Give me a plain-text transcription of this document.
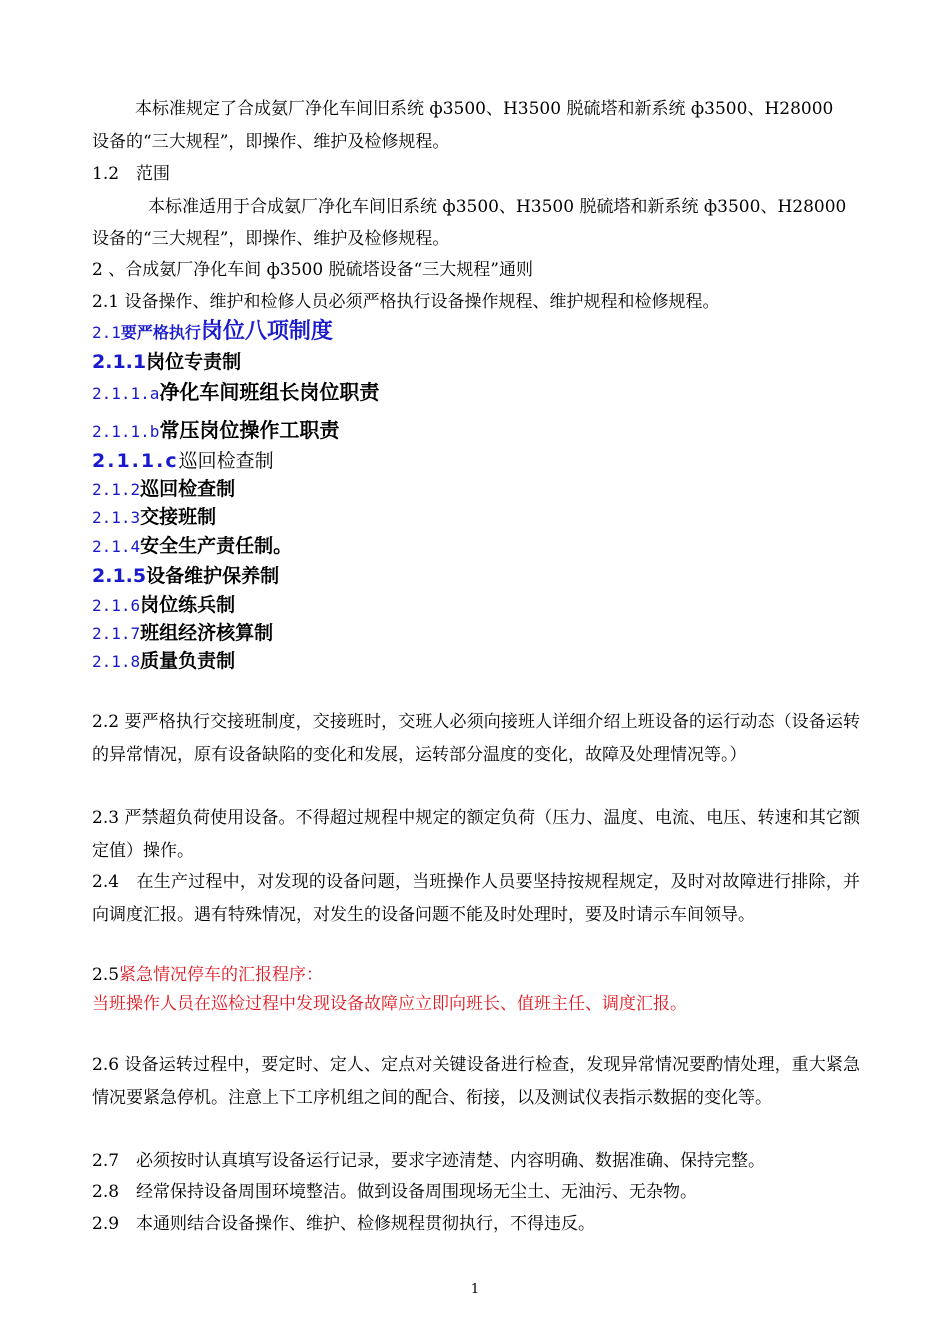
本标准规定了合成氨厂净化车间旧系统 ф3500、H3500 脱硫塔和新系统 ф3500、H28000
设备的“三大规程”，即操作、维护及检修规程。
1.2　范围
本标准适用于合成氨厂净化车间旧系统 ф3500、H3500 脱硫塔和新系统 ф3500、H28000
设备的“三大规程”，即操作、维护及检修规程。
2 、合成氨厂净化车间 ф3500 脱硫塔设备“三大规程”通则
2.1 设备操作、维护和检修人员必须严格执行设备操作规程、维护规程和检修规程。
2.1要严格执行岗位八项制度
2.1.1岗位专责制
2.1.1.a净化车间班组长岗位职责
2.1.1.b常压岗位操作工职责
2.1.1.c巡回检查制
2.1.2巡回检查制
2.1.3交接班制
2.1.4安全生产责任制。
2.1.5设备维护保养制
2.1.6岗位练兵制
2.1.7班组经济核算制
2.1.8质量负责制
2.2 要严格执行交接班制度，交接班时，交班人必须向接班人详细介绍上班设备的运行动态（设备运转的异常情况，原有设备缺陷的变化和发展，运转部分温度的变化，故障及处理情况等。）
2.3 严禁超负荷使用设备。不得超过规程中规定的额定负荷（压力、温度、电流、电压、转速和其它额定值）操作。
2.4　在生产过程中，对发现的设备问题，当班操作人员要坚持按规程规定，及时对故障进行排除，并向调度汇报。遇有特殊情况，对发生的设备问题不能及时处理时，要及时请示车间领导。
2.5紧急情况停车的汇报程序：
当班操作人员在巡检过程中发现设备故障应立即向班长、值班主任、调度汇报。
2.6 设备运转过程中，要定时、定人、定点对关键设备进行检查，发现异常情况要酌情处理，重大紧急情况要紧急停机。注意上下工序机组之间的配合、衔接，以及测试仪表指示数据的变化等。
2.7　必须按时认真填写设备运行记录，要求字迹清楚、内容明确、数据准确、保持完整。
2.8　经常保持设备周围环境整洁。做到设备周围现场无尘土、无油污、无杂物。
2.9　本通则结合设备操作、维护、检修规程贯彻执行，不得违反。
1
